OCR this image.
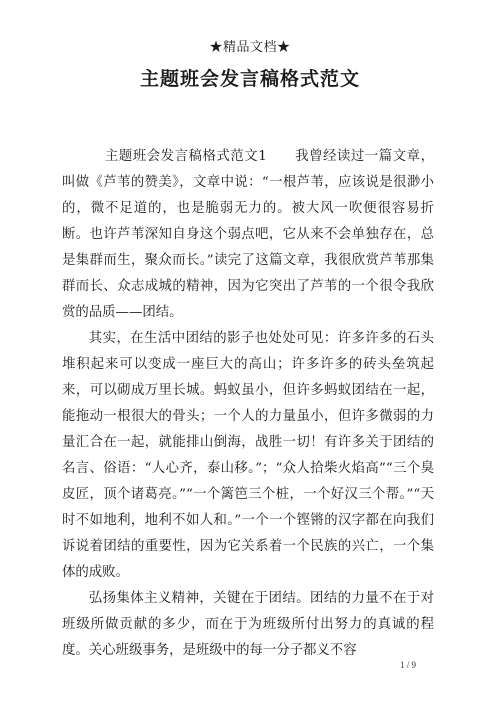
★精品文档★
主题班会发言稿格式范文

主题班会发言稿格式范文1　　我曾经读过一篇文章，叫做《芦苇的赞美》，文章中说：“一根芦苇，应该说是很渺小的，微不足道的，也是脆弱无力的。被大风一吹便很容易折断。也许芦苇深知自身这个弱点吧，它从来不会单独存在，总是集群而生，聚众而长。”读完了这篇文章，我很欣赏芦苇那集群而长、众志成城的精神，因为它突出了芦苇的一个很令我欣赏的品质——团结。

其实，在生活中团结的影子也处处可见：许多许多的石头堆积起来可以变成一座巨大的高山；许多许多的砖头垒筑起来，可以砌成万里长城。蚂蚁虽小，但许多蚂蚁团结在一起，能拖动一根很大的骨头；一个人的力量虽小，但许多微弱的力量汇合在一起，就能排山倒海，战胜一切！有许多关于团结的名言、俗语：“人心齐，泰山移。”；“众人拾柴火焰高”“三个臭皮匠，顶个诸葛亮。”“一个篱笆三个桩，一个好汉三个帮。”“天时不如地利，地利不如人和。”一个一个铿锵的汉字都在向我们诉说着团结的重要性，因为它关系着一个民族的兴亡，一个集体的成败。

弘扬集体主义精神，关键在于团结。团结的力量不在于对班级所做贡献的多少，而在于为班级所付出努力的真诚的程度。关心班级事务，是班级中的每一分子都义不容

1 / 9
